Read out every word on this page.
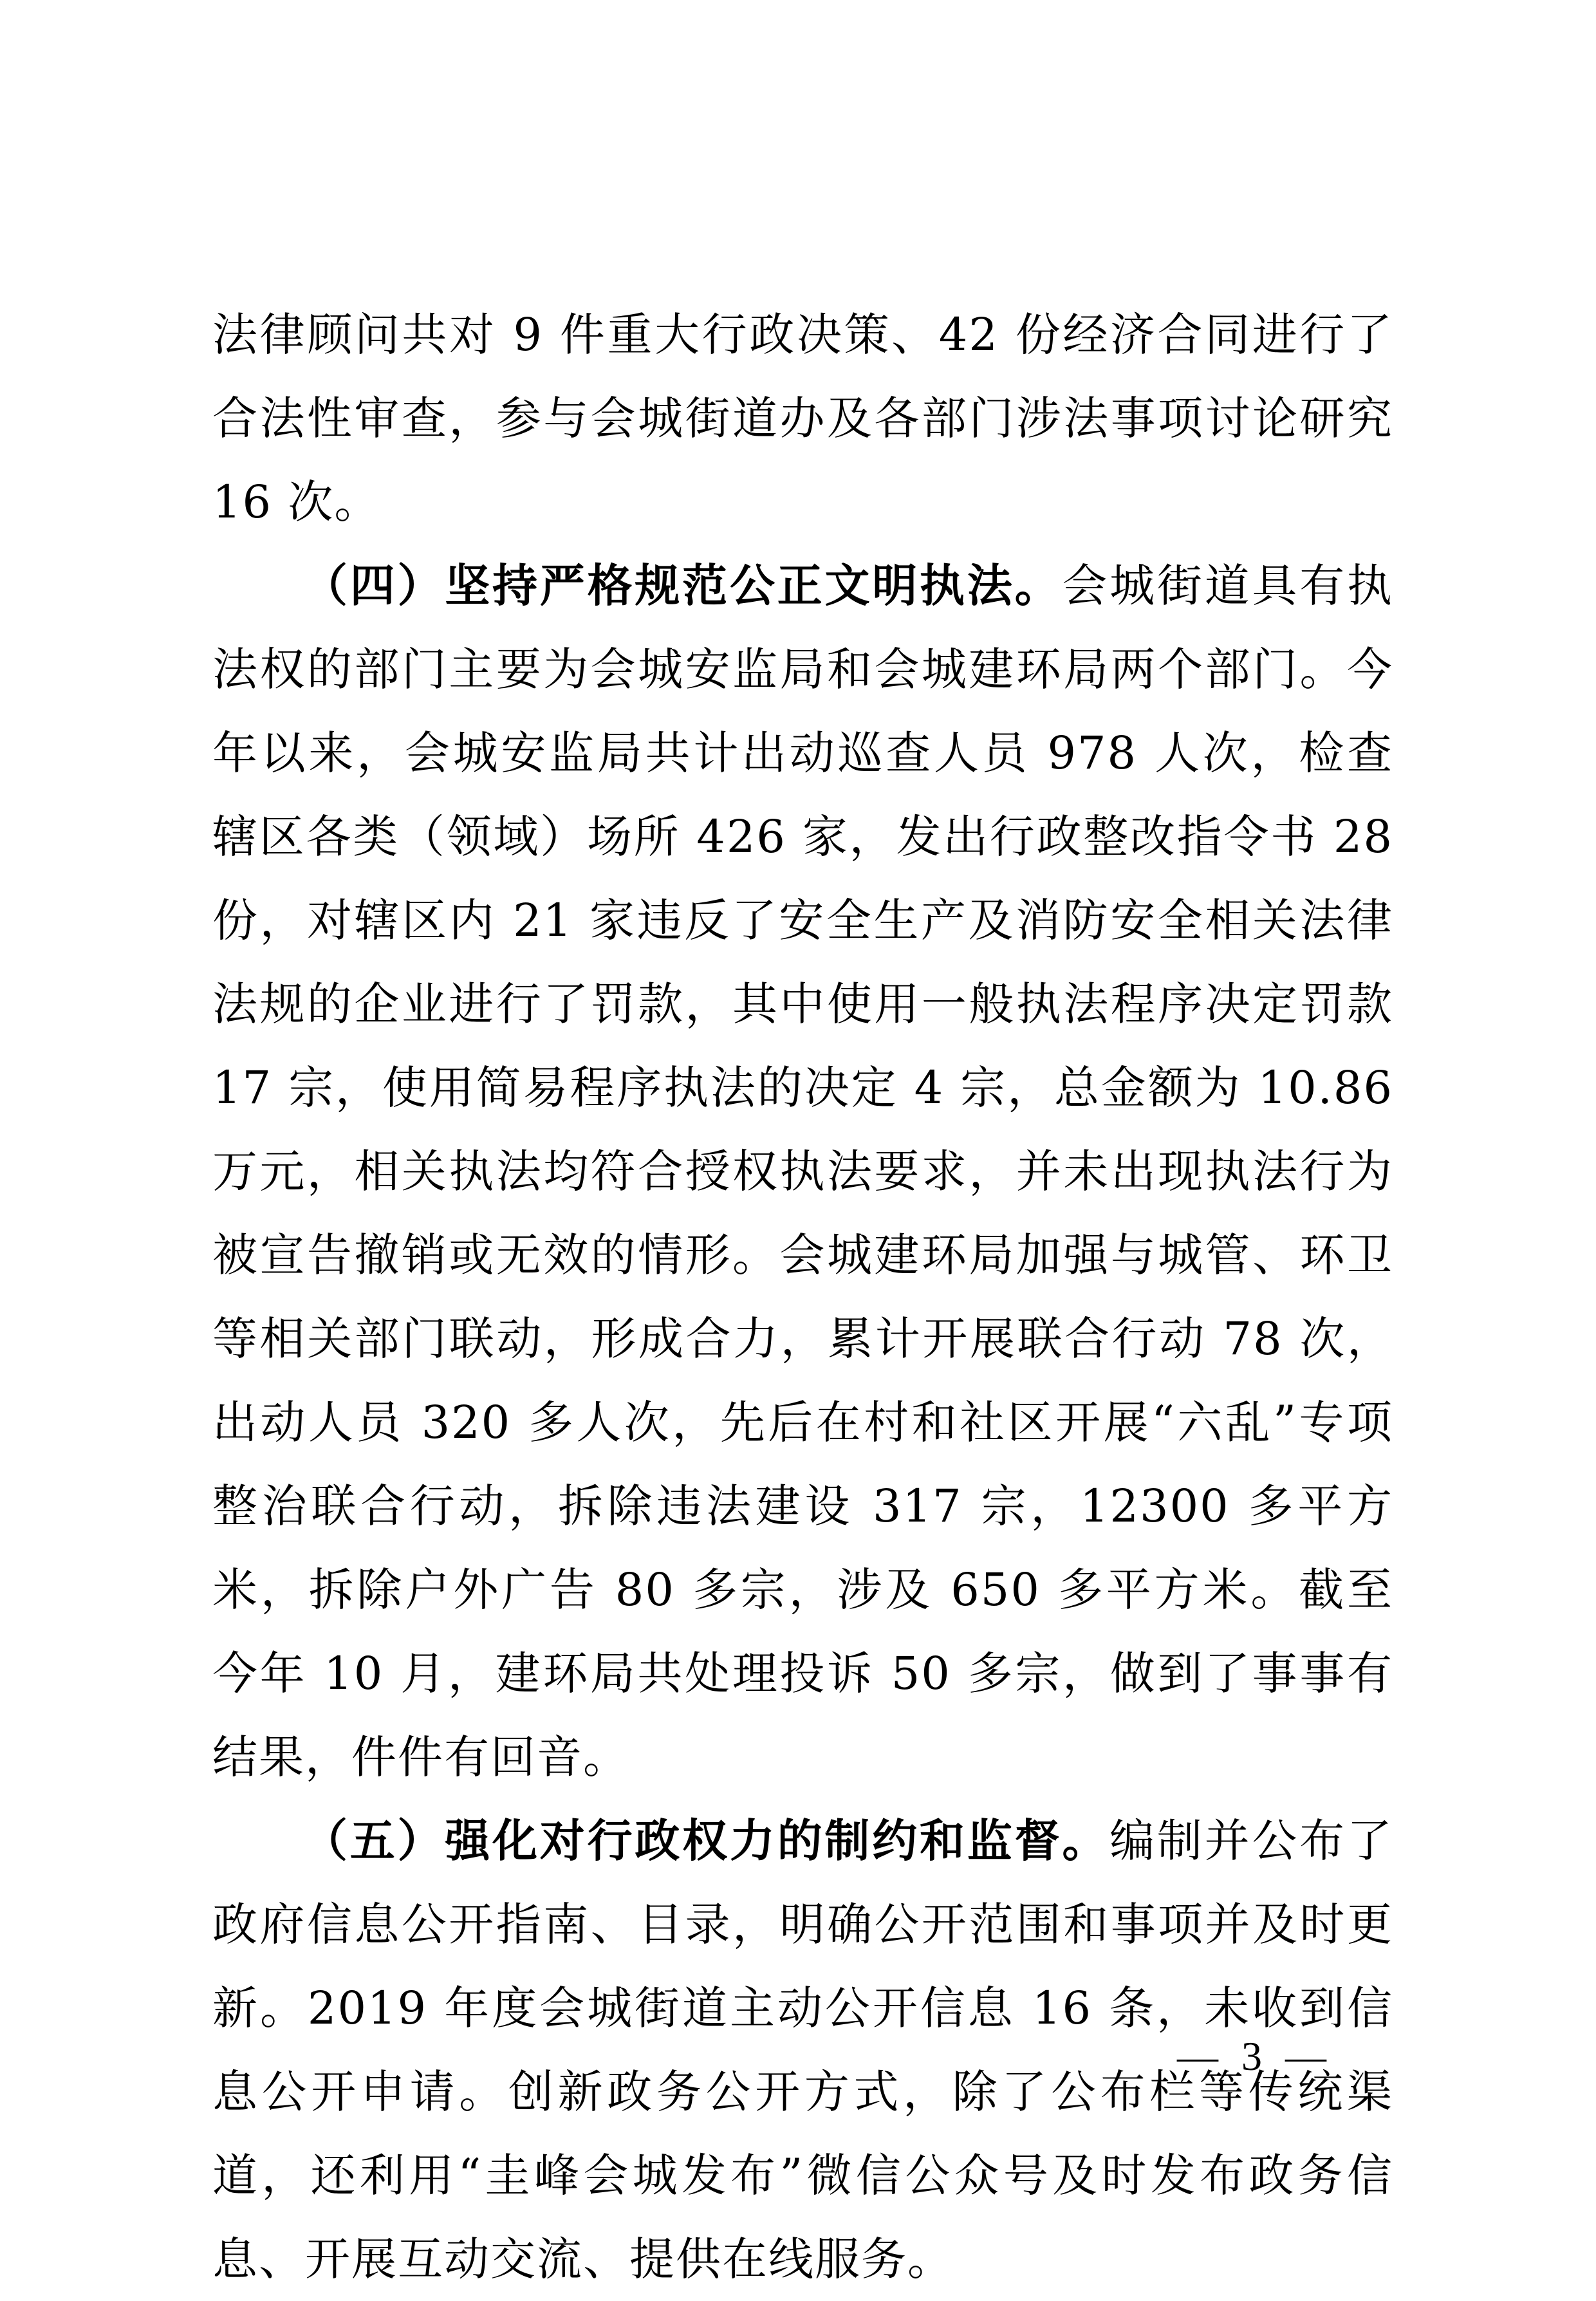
法律顾问共对 9 件重大行政决策、42 份经济合同进行了合法性审查，参与会城街道办及各部门涉法事项讨论研究 16 次。

（四）坚持严格规范公正文明执法。会城街道具有执法权的部门主要为会城安监局和会城建环局两个部门。今年以来，会城安监局共计出动巡查人员 978 人次，检查辖区各类（领域）场所 426 家，发出行政整改指令书 28 份，对辖区内 21 家违反了安全生产及消防安全相关法律法规的企业进行了罚款，其中使用一般执法程序决定罚款 17 宗，使用简易程序执法的决定 4 宗，总金额为 10.86 万元，相关执法均符合授权执法要求，并未出现执法行为被宣告撤销或无效的情形。会城建环局加强与城管、环卫等相关部门联动，形成合力，累计开展联合行动 78 次，出动人员 320 多人次，先后在村和社区开展“六乱”专项整治联合行动，拆除违法建设 317 宗，12300 多平方米，拆除户外广告 80 多宗，涉及 650 多平方米。截至今年 10 月，建环局共处理投诉 50 多宗，做到了事事有结果，件件有回音。

（五）强化对行政权力的制约和监督。编制并公布了政府信息公开指南、目录，明确公开范围和事项并及时更新。2019 年度会城街道主动公开信息 16 条，未收到信息公开申请。创新政务公开方式，除了公布栏等传统渠道，还利用“圭峰会城发布”微信公众号及时发布政务信息、开展互动交流、提供在线服务。

— 3 —
